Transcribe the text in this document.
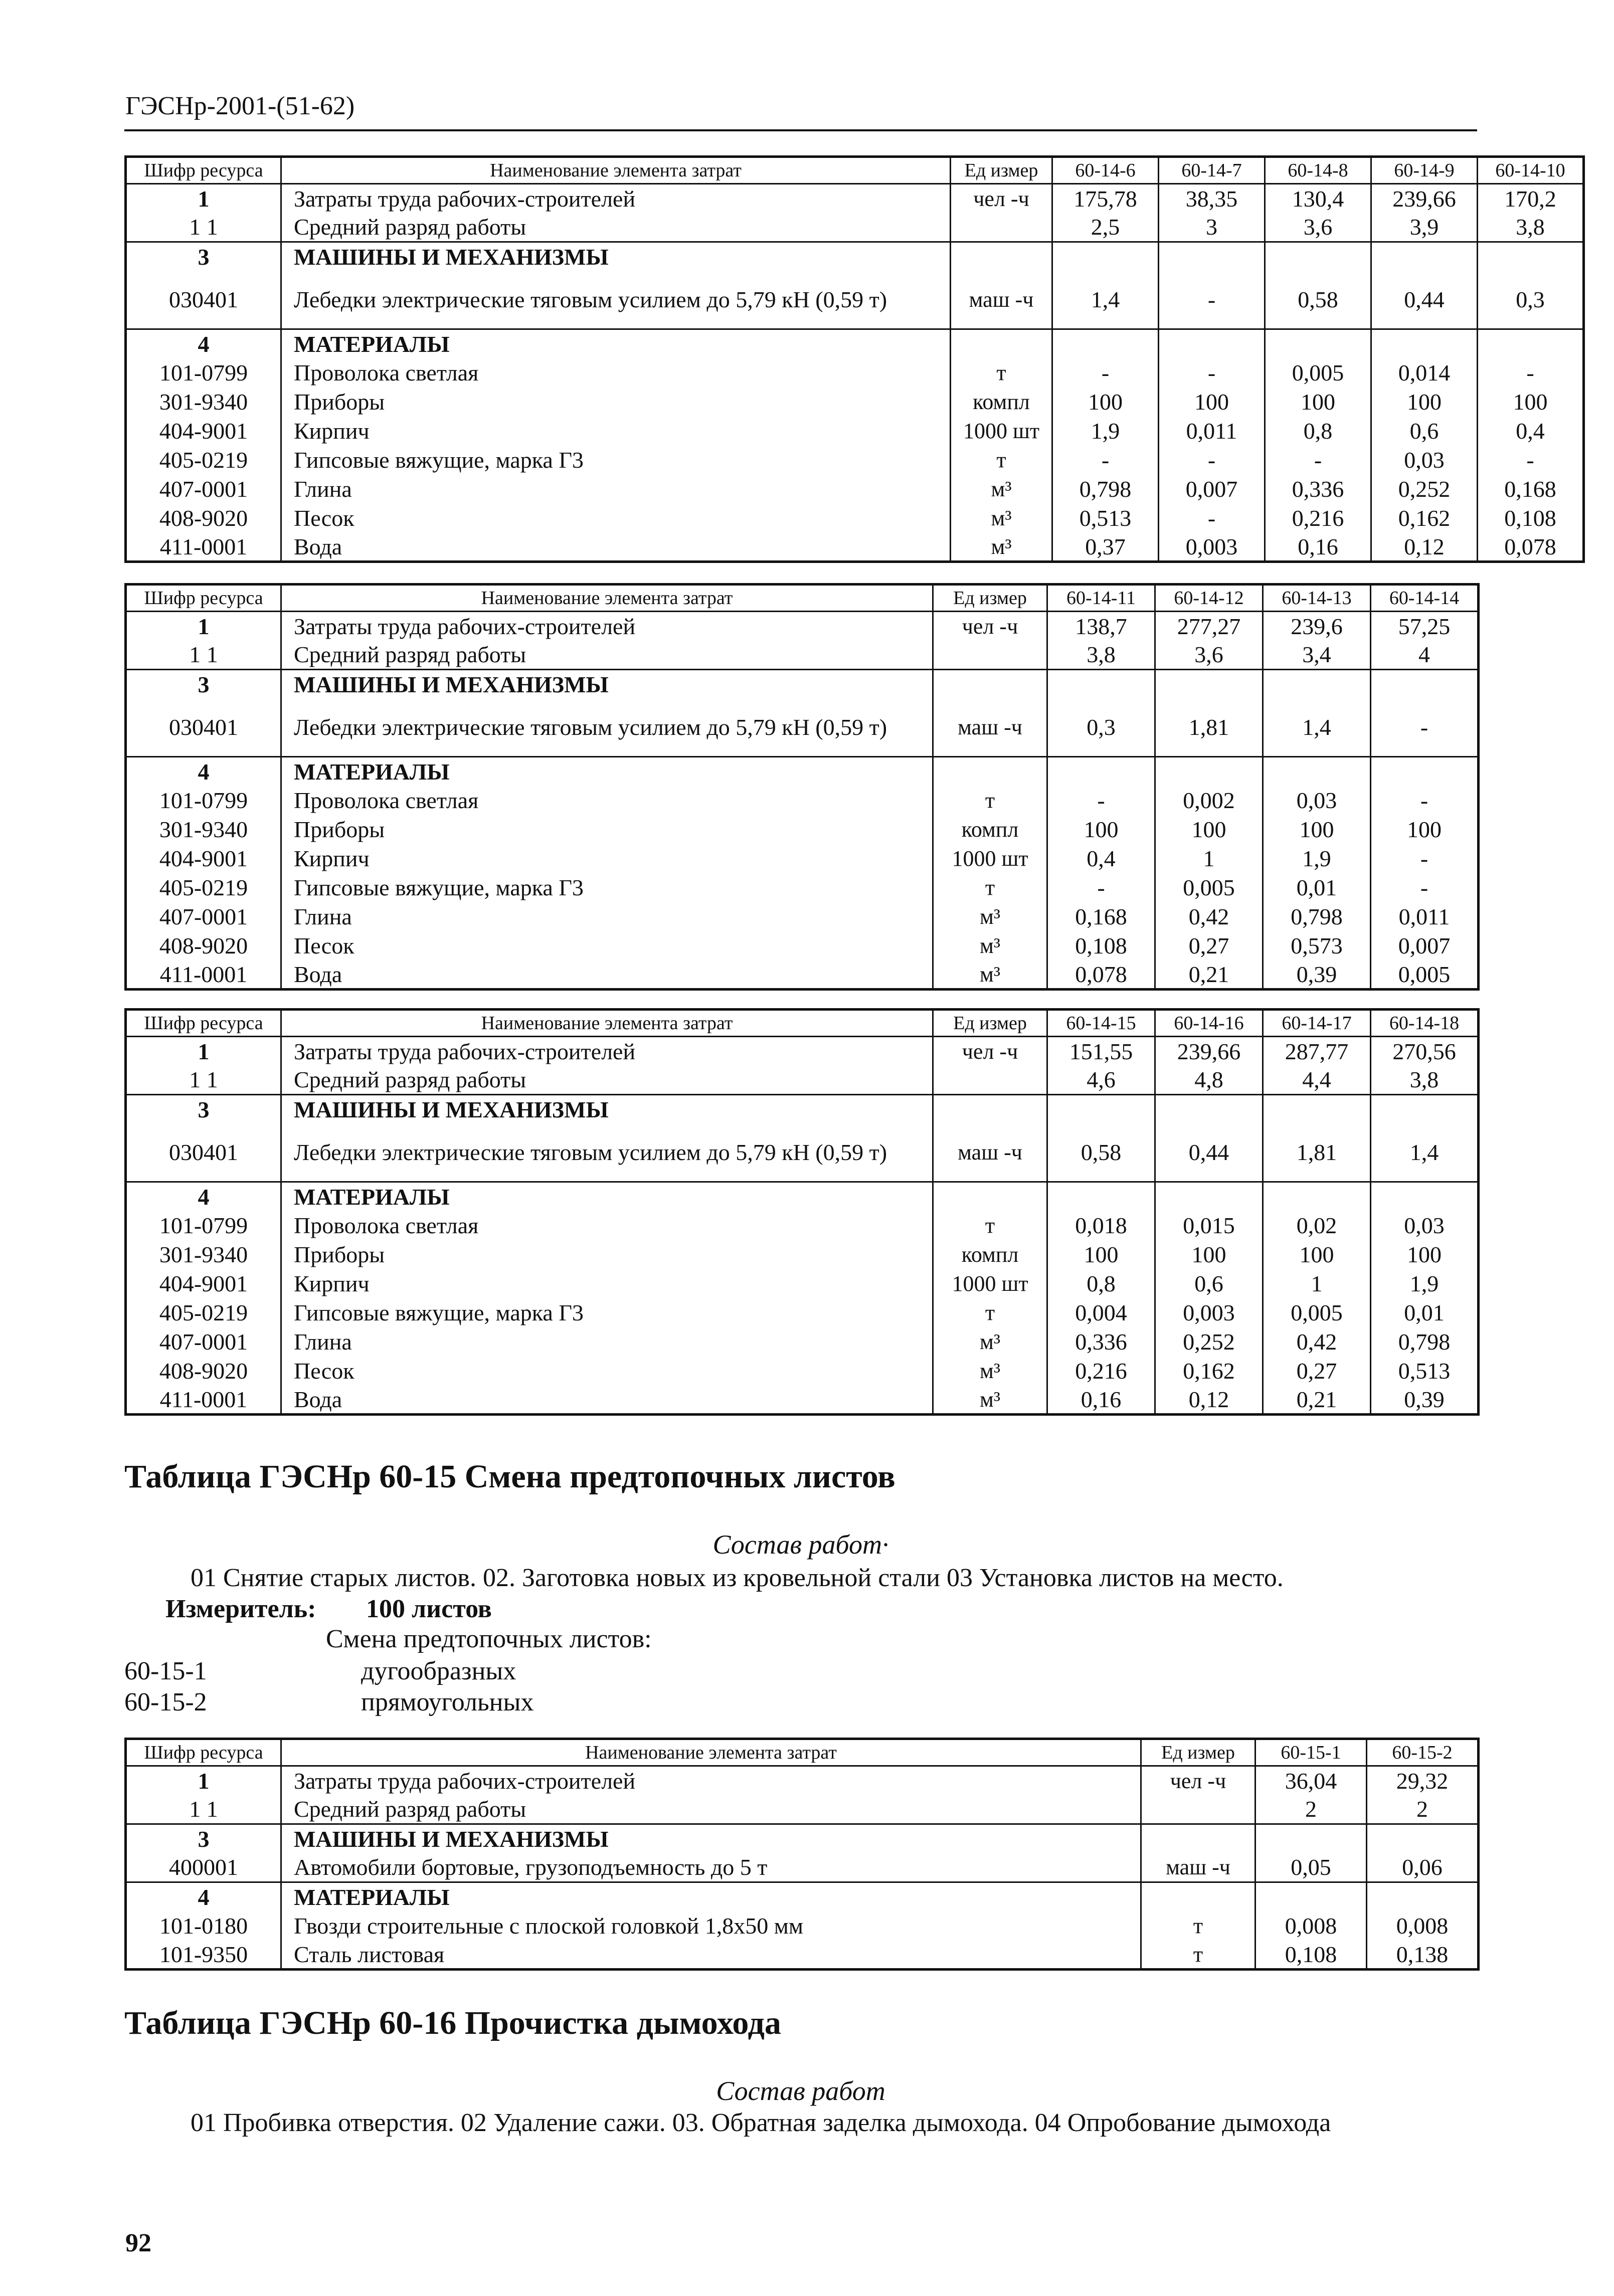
ГЭСНр-2001-(51-62)
Шифр ресурса	Наименование элемента затрат	Ед измер	60-14-6	60-14-7	60-14-8	60-14-9	60-14-10
1	Затраты труда рабочих-строителей	чел -ч	175,78	38,35	130,4	239,66	170,2
1 1	Средний разряд работы		2,5	3	3,6	3,9	3,8
3	МАШИНЫ И МЕХАНИЗМЫ						
030401	Лебедки электрические тяговым усилием до 5,79 кН (0,59 т)	маш -ч	1,4	-	0,58	0,44	0,3
4	МАТЕРИАЛЫ						
101-0799	Проволока светлая	т	-	-	0,005	0,014	-
301-9340	Приборы	компл	100	100	100	100	100
404-9001	Кирпич	1000 шт	1,9	0,011	0,8	0,6	0,4
405-0219	Гипсовые вяжущие, марка Г3	т	-	-	-	0,03	-
407-0001	Глина	м³	0,798	0,007	0,336	0,252	0,168
408-9020	Песок	м³	0,513	-	0,216	0,162	0,108
411-0001	Вода	м³	0,37	0,003	0,16	0,12	0,078
Шифр ресурса	Наименование элемента затрат	Ед измер	60-14-11	60-14-12	60-14-13	60-14-14
1	Затраты труда рабочих-строителей	чел -ч	138,7	277,27	239,6	57,25
1 1	Средний разряд работы		3,8	3,6	3,4	4
3	МАШИНЫ И МЕХАНИЗМЫ					
030401	Лебедки электрические тяговым усилием до 5,79 кН (0,59 т)	маш -ч	0,3	1,81	1,4	-
4	МАТЕРИАЛЫ					
101-0799	Проволока светлая	т	-	0,002	0,03	-
301-9340	Приборы	компл	100	100	100	100
404-9001	Кирпич	1000 шт	0,4	1	1,9	-
405-0219	Гипсовые вяжущие, марка Г3	т	-	0,005	0,01	-
407-0001	Глина	м³	0,168	0,42	0,798	0,011
408-9020	Песок	м³	0,108	0,27	0,573	0,007
411-0001	Вода	м³	0,078	0,21	0,39	0,005
Шифр ресурса	Наименование элемента затрат	Ед измер	60-14-15	60-14-16	60-14-17	60-14-18
1	Затраты труда рабочих-строителей	чел -ч	151,55	239,66	287,77	270,56
1 1	Средний разряд работы		4,6	4,8	4,4	3,8
3	МАШИНЫ И МЕХАНИЗМЫ					
030401	Лебедки электрические тяговым усилием до 5,79 кН (0,59 т)	маш -ч	0,58	0,44	1,81	1,4
4	МАТЕРИАЛЫ					
101-0799	Проволока светлая	т	0,018	0,015	0,02	0,03
301-9340	Приборы	компл	100	100	100	100
404-9001	Кирпич	1000 шт	0,8	0,6	1	1,9
405-0219	Гипсовые вяжущие, марка Г3	т	0,004	0,003	0,005	0,01
407-0001	Глина	м³	0,336	0,252	0,42	0,798
408-9020	Песок	м³	0,216	0,162	0,27	0,513
411-0001	Вода	м³	0,16	0,12	0,21	0,39
Таблица ГЭСНр 60-15 Смена предтопочных листов
Состав работ·
01 Снятие старых листов. 02. Заготовка новых из кровельной стали 03 Установка листов на место.
Измеритель: 100 листов
Смена предтопочных листов:
60-15-1	дугообразных
60-15-2	прямоугольных
Шифр ресурса	Наименование элемента затрат	Ед измер	60-15-1	60-15-2
1	Затраты труда рабочих-строителей	чел -ч	36,04	29,32
1 1	Средний разряд работы		2	2
3	МАШИНЫ И МЕХАНИЗМЫ			
400001	Автомобили бортовые, грузоподъемность до 5 т	маш -ч	0,05	0,06
4	МАТЕРИАЛЫ			
101-0180	Гвозди строительные с плоской головкой 1,8x50 мм	т	0,008	0,008
101-9350	Сталь листовая	т	0,108	0,138
Таблица ГЭСНр 60-16 Прочистка дымохода
Состав работ
01 Пробивка отверстия. 02 Удаление сажи. 03. Обратная заделка дымохода. 04 Опробование дымохода
92
